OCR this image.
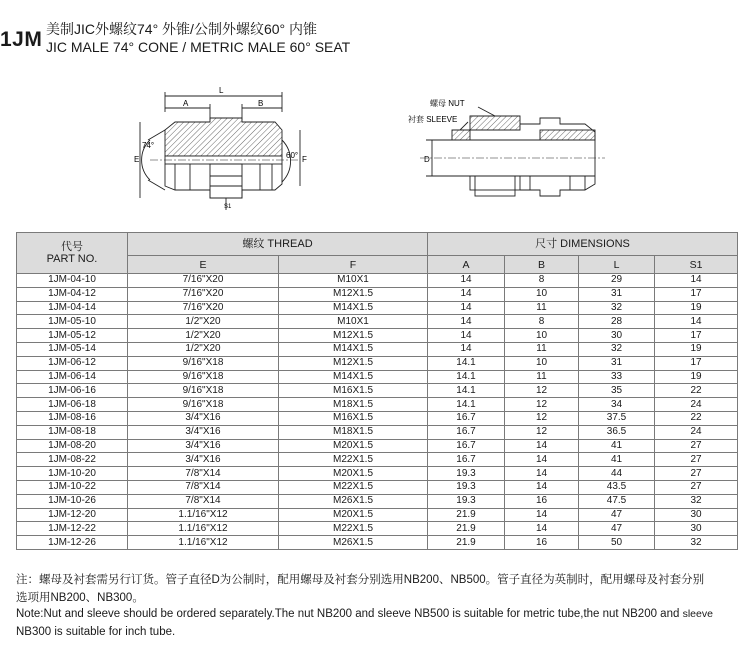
1JM 美制JIC外螺纹74° 外锥/公制外螺纹60° 内锥
JIC MALE 74° CONE / METRIC MALE 60° SEAT
L
A	B
E
74°
60° F
S1
D
螺母 NUT
衬套 SLEEVE
代号
PART NO.	螺纹 THREAD		尺寸 DIMENSIONS			
	E	F	A	B	L	S1
1JM-04-10	7/16"X20	M10X1	14	8	29	14
1JM-04-12	7/16"X20	M12X1.5	14	10	31	17
1JM-04-14	7/16"X20	M14X1.5	14	11	32	19
1JM-05-10	1/2"X20	M10X1	14	8	28	14
1JM-05-12	1/2"X20	M12X1.5	14	10	30	17
1JM-05-14	1/2"X20	M14X1.5	14	11	32	19
1JM-06-12	9/16"X18	M12X1.5	14.1	10	31	17
1JM-06-14	9/16"X18	M14X1.5	14.1	11	33	19
1JM-06-16	9/16"X18	M16X1.5	14.1	12	35	22
1JM-06-18	9/16"X18	M18X1.5	14.1	12	34	24
1JM-08-16	3/4"X16	M16X1.5	16.7	12	37.5	22
1JM-08-18	3/4"X16	M18X1.5	16.7	12	36.5	24
1JM-08-20	3/4"X16	M20X1.5	16.7	14	41	27
1JM-08-22	3/4"X16	M22X1.5	16.7	14	41	27
1JM-10-20	7/8"X14	M20X1.5	19.3	14	44	27
1JM-10-22	7/8"X14	M22X1.5	19.3	14	43.5	27
1JM-10-26	7/8"X14	M26X1.5	19.3	16	47.5	32
1JM-12-20	1.1/16"X12	M20X1.5	21.9	14	47	30
1JM-12-22	1.1/16"X12	M22X1.5	21.9	14	47	30
1JM-12-26	1.1/16"X12	M26X1.5	21.9	16	50	32
注：螺母及衬套需另行订货。管子直径D为公制时，配用螺母及衬套分别选用NB200、NB500。管子直径为英制时，配用螺母及衬套分别
选项用NB200、NB300。
Note:Nut and sleeve should be ordered separately.The nut NB200 and sleeve NB500 is suitable for metric tube,the nut NB200 and sleeve
NB300 is suitable for inch tube.
